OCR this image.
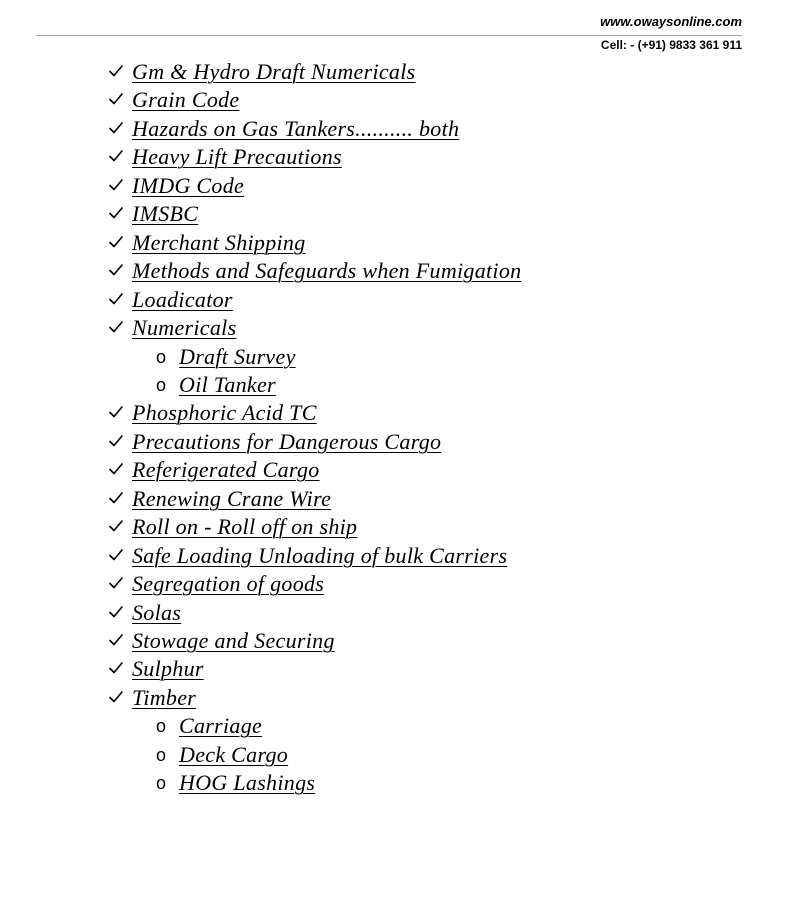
www.owaysonline.com
Cell: - (+91) 9833 361 911
Gm & Hydro Draft Numericals
Grain Code
Hazards on Gas Tankers.......... both
Heavy Lift Precautions
IMDG Code
IMSBC
Merchant Shipping
Methods and Safeguards when Fumigation
Loadicator
Numericals
o Draft Survey
o Oil Tanker
Phosphoric Acid TC
Precautions for Dangerous Cargo
Referigerated Cargo
Renewing Crane Wire
Roll on - Roll off on ship
Safe Loading Unloading of bulk Carriers
Segregation of goods
Solas
Stowage and Securing
Sulphur
Timber
o Carriage
o Deck Cargo
o HOG Lashings
